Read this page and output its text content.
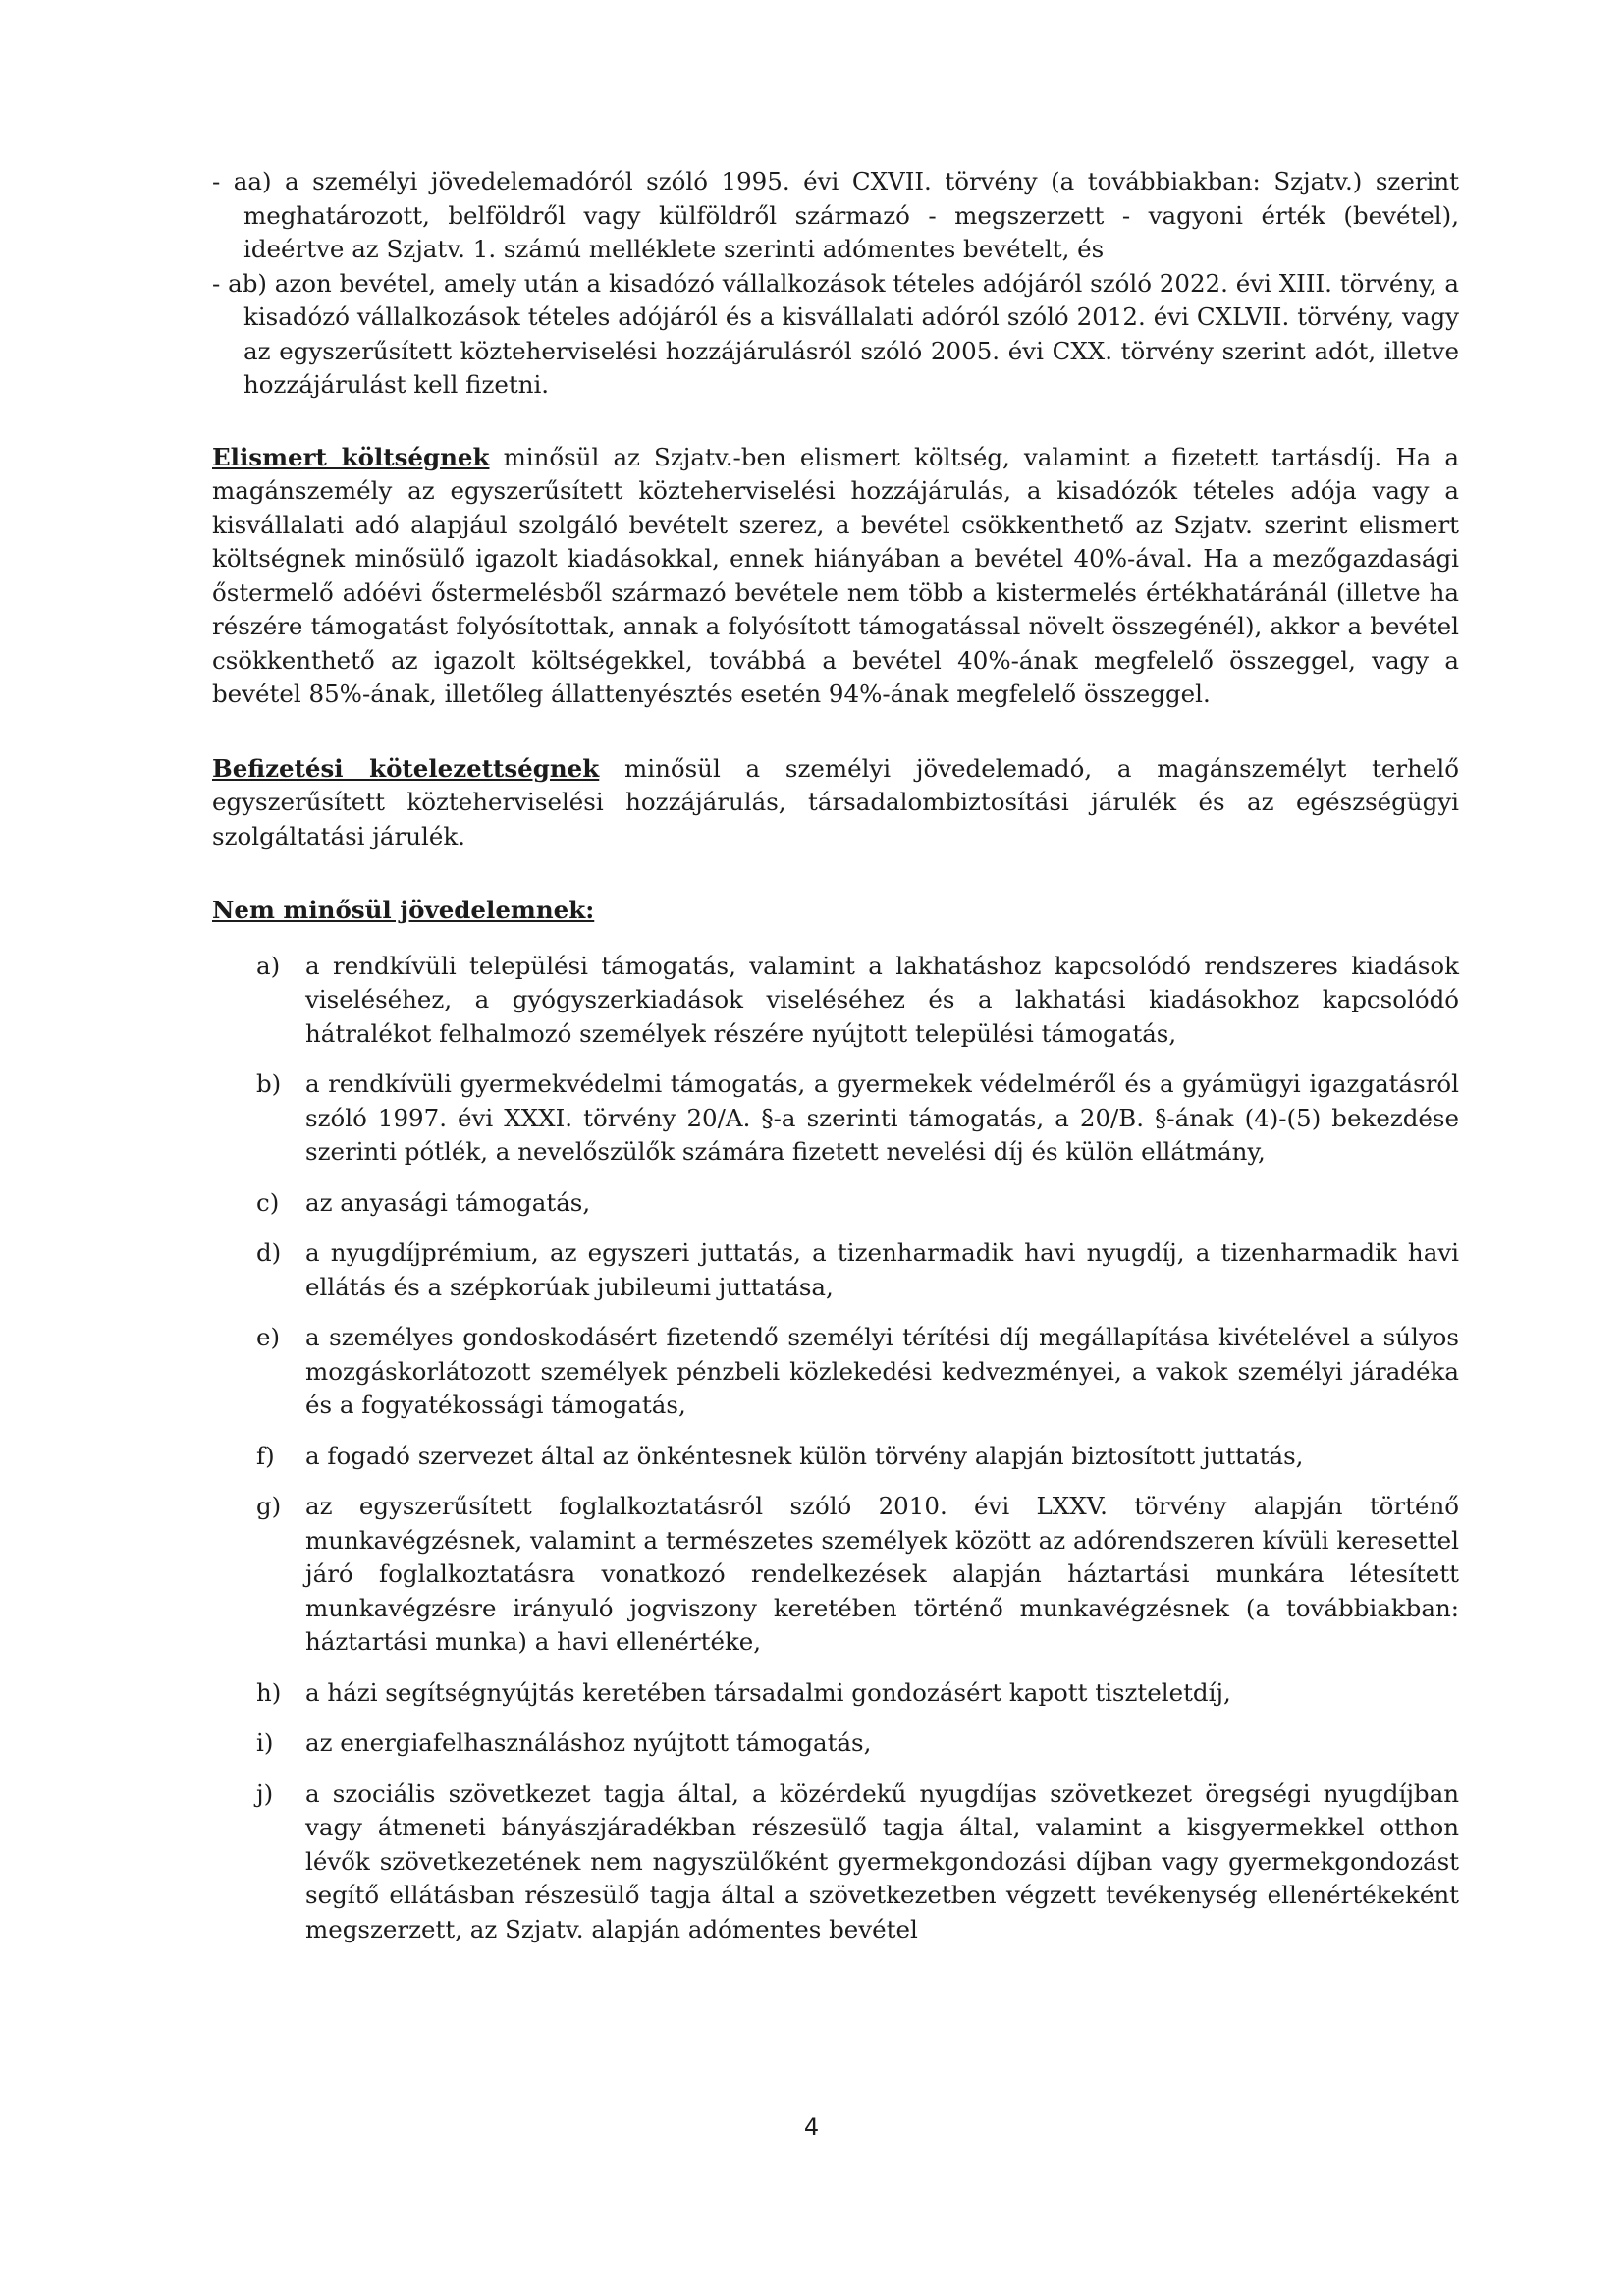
- aa) a személyi jövedelemadóról szóló 1995. évi CXVII. törvény (a továbbiakban: Szjatv.) szerint meghatározott, belföldről vagy külföldről származó - megszerzett - vagyoni érték (bevétel), ideértve az Szjatv. 1. számú melléklete szerinti adómentes bevételt, és

- ab) azon bevétel, amely után a kisadózó vállalkozások tételes adójáról szóló 2022. évi XIII. törvény, a kisadózó vállalkozások tételes adójáról és a kisvállalati adóról szóló 2012. évi CXLVII. törvény, vagy az egyszerűsített közteherviselési hozzájárulásról szóló 2005. évi CXX. törvény szerint adót, illetve hozzájárulást kell fizetni.

Elismert költségnek minősül az Szjatv.-ben elismert költség, valamint a fizetett tartásdíj. Ha a magánszemély az egyszerűsített közteherviselési hozzájárulás, a kisadózók tételes adója vagy a kisvállalati adó alapjául szolgáló bevételt szerez, a bevétel csökkenthető az Szjatv. szerint elismert költségnek minősülő igazolt kiadásokkal, ennek hiányában a bevétel 40%-ával. Ha a mezőgazdasági őstermelő adóévi őstermelésből származó bevétele nem több a kistermelés értékhatáránál (illetve ha részére támogatást folyósítottak, annak a folyósított támogatással növelt összegénél), akkor a bevétel csökkenthető az igazolt költségekkel, továbbá a bevétel 40%-ának megfelelő összeggel, vagy a bevétel 85%-ának, illetőleg állattenyésztés esetén 94%-ának megfelelő összeggel.

Befizetési kötelezettségnek minősül a személyi jövedelemadó, a magánszemélyt terhelő egyszerűsített közteherviselési hozzájárulás, társadalombiztosítási járulék és az egészségügyi szolgáltatási járulék.

Nem minősül jövedelemnek:

a)	a rendkívüli települési támogatás, valamint a lakhatáshoz kapcsolódó rendszeres kiadások viseléséhez, a gyógyszerkiadások viseléséhez és a lakhatási kiadásokhoz kapcsolódó hátralékot felhalmozó személyek részére nyújtott települési támogatás,
b)	a rendkívüli gyermekvédelmi támogatás, a gyermekek védelméről és a gyámügyi igazgatásról szóló 1997. évi XXXI. törvény 20/A. §-a szerinti támogatás, a 20/B. §-ának (4)-(5) bekezdése szerinti pótlék, a nevelőszülők számára fizetett nevelési díj és külön ellátmány,
c)	az anyasági támogatás,
d)	a nyugdíjprémium, az egyszeri juttatás, a tizenharmadik havi nyugdíj, a tizenharmadik havi ellátás és a szépkorúak jubileumi juttatása,
e)	a személyes gondoskodásért fizetendő személyi térítési díj megállapítása kivételével a súlyos mozgáskorlátozott személyek pénzbeli közlekedési kedvezményei, a vakok személyi járadéka és a fogyatékossági támogatás,
f)	a fogadó szervezet által az önkéntesnek külön törvény alapján biztosított juttatás,
g)	az egyszerűsített foglalkoztatásról szóló 2010. évi LXXV. törvény alapján történő munkavégzésnek, valamint a természetes személyek között az adórendszeren kívüli keresettel járó foglalkoztatásra vonatkozó rendelkezések alapján háztartási munkára létesített munkavégzésre irányuló jogviszony keretében történő munkavégzésnek (a továbbiakban: háztartási munka) a havi ellenértéke,
h)	a házi segítségnyújtás keretében társadalmi gondozásért kapott tiszteletdíj,
i)	az energiafelhasználáshoz nyújtott támogatás,
j)	a szociális szövetkezet tagja által, a közérdekű nyugdíjas szövetkezet öregségi nyugdíjban vagy átmeneti bányászjáradékban részesülő tagja által, valamint a kisgyermekkel otthon lévők szövetkezetének nem nagyszülőként gyermekgondozási díjban vagy gyermekgondozást segítő ellátásban részesülő tagja által a szövetkezetben végzett tevékenység ellenértékeként megszerzett, az Szjatv. alapján adómentes bevétel
4
